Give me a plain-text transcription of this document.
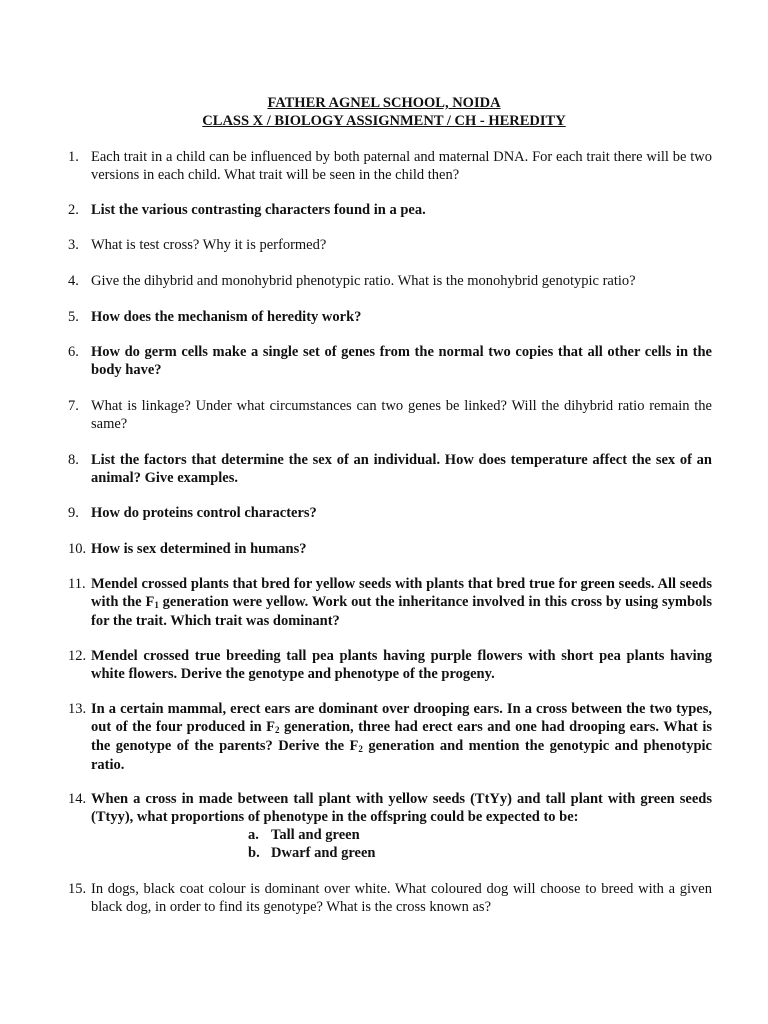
FATHER AGNEL SCHOOL, NOIDA
CLASS X / BIOLOGY ASSIGNMENT / CH - HEREDITY
1. Each trait in a child can be influenced by both paternal and maternal DNA. For each trait there will be two versions in each child. What trait will be seen in the child then?
2. List the various contrasting characters found in a pea.
3. What is test cross? Why it is performed?
4. Give the dihybrid and monohybrid phenotypic ratio. What is the monohybrid genotypic ratio?
5. How does the mechanism of heredity work?
6. How do germ cells make a single set of genes from the normal two copies that all other cells in the body have?
7. What is linkage? Under what circumstances can two genes be linked? Will the dihybrid ratio remain the same?
8. List the factors that determine the sex of an individual. How does temperature affect the sex of an animal? Give examples.
9. How do proteins control characters?
10. How is sex determined in humans?
11. Mendel crossed plants that bred for yellow seeds with plants that bred true for green seeds. All seeds with the $F_1$ generation were yellow. Work out the inheritance involved in this cross by using symbols for the trait. Which trait was dominant?
12. Mendel crossed true breeding tall pea plants having purple flowers with short pea plants having white flowers. Derive the genotype and phenotype of the progeny.
13. In a certain mammal, erect ears are dominant over drooping ears. In a cross between the two types, out of the four produced in $F_2$ generation, three had erect ears and one had drooping ears. What is the genotype of the parents? Derive the $F_2$ generation and mention the genotypic and phenotypic ratio.
14. When a cross in made between tall plant with yellow seeds (TtYy) and tall plant with green seeds (Ttyy), what proportions of phenotype in the offspring could be expected to be:
a. Tall and green
b. Dwarf and green
15. In dogs, black coat colour is dominant over white. What coloured dog will choose to breed with a given black dog, in order to find its genotype? What is the cross known as?
